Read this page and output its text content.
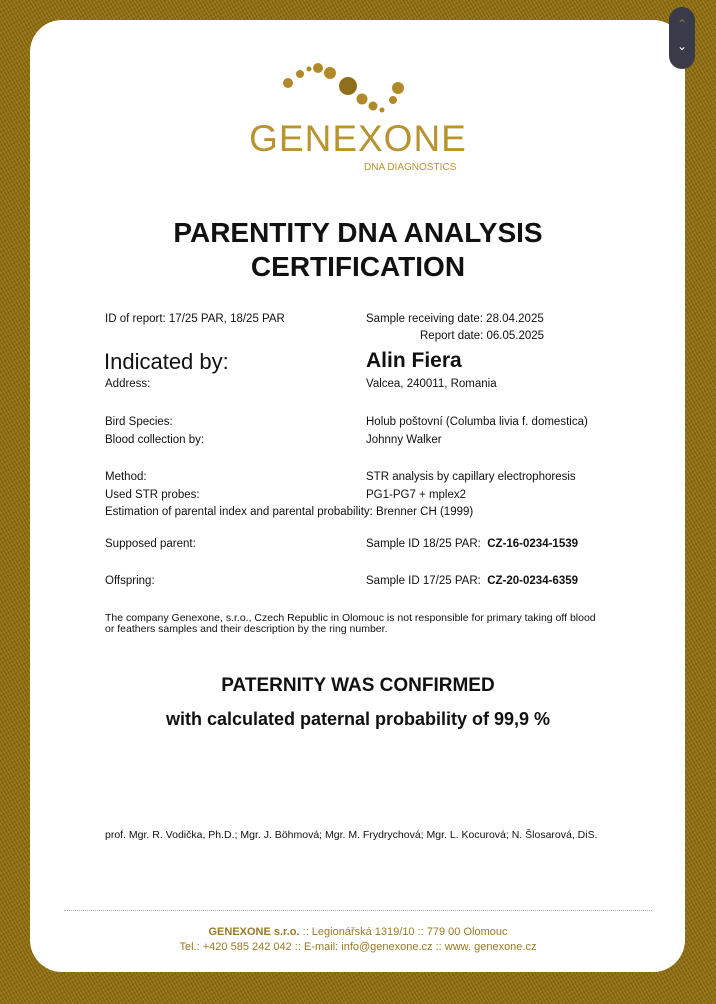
GENEXONE
DNA DIAGNOSTICS
PARENTITY DNA ANALYSIS
CERTIFICATION
ID of report: 17/25 PAR, 18/25 PAR	Sample receiving date: 28.04.2025
Report date: 06.05.2025
Indicated by:	Alin Fiera
Address:	Valcea, 240011, Romania
Bird Species:	Holub poštovní (Columba livia f. domestica)
Blood collection by:	Johnny Walker
Method:	STR analysis by capillary electrophoresis
Used STR probes:	PG1-PG7 + mplex2
Estimation of parental index and parental probability: Brenner CH (1999)
Supposed parent:	Sample ID 18/25 PAR: CZ-16-0234-1539
Offspring:	Sample ID 17/25 PAR: CZ-20-0234-6359
The company Genexone, s.r.o., Czech Republic in Olomouc is not responsible for primary taking off blood
or feathers samples and their description by the ring number.
PATERNITY WAS CONFIRMED
with calculated paternal probability of 99,9 %
prof. Mgr. R. Vodička, Ph.D.; Mgr. J. Böhmová; Mgr. M. Frydrychová; Mgr. L. Kocurová; N. Šlosarová, DiS.
GENEXONE s.r.o. :: Legionářská 1319/10 :: 779 00 Olomouc
Tel.: +420 585 242 042 :: E-mail: info@genexone.cz :: www. genexone.cz
⌃
⌄
